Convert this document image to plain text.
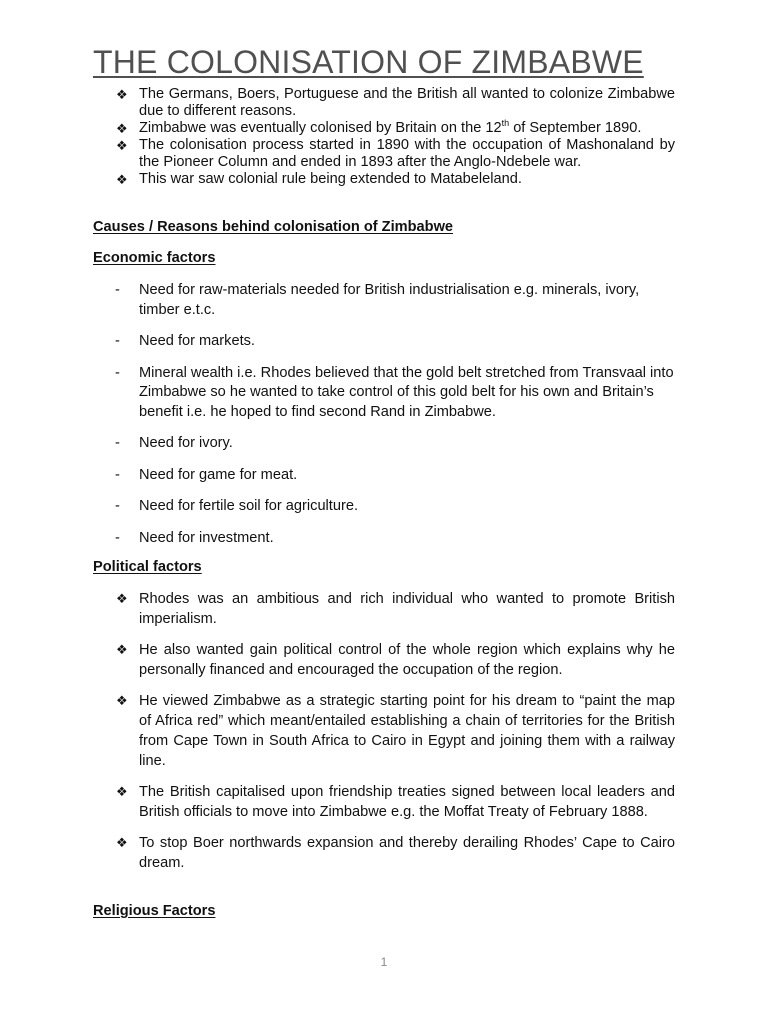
THE COLONISATION OF ZIMBABWE
❖ The Germans, Boers, Portuguese and the British all wanted to colonize Zimbabwe due to different reasons.
❖ Zimbabwe was eventually colonised by Britain on the 12th of September 1890.
❖ The colonisation process started in 1890 with the occupation of Mashonaland by the Pioneer Column and ended in 1893 after the Anglo-Ndebele war.
❖ This war saw colonial rule being extended to Matabeleland.

Causes / Reasons behind colonisation of Zimbabwe

Economic factors

- Need for raw-materials needed for British industrialisation e.g. minerals, ivory, timber e.t.c.
- Need for markets.
- Mineral wealth i.e. Rhodes believed that the gold belt stretched from Transvaal into Zimbabwe so he wanted to take control of this gold belt for his own and Britain’s benefit i.e. he hoped to find second Rand in Zimbabwe.
- Need for ivory.
- Need for game for meat.
- Need for fertile soil for agriculture.
- Need for investment.

Political factors

❖ Rhodes was an ambitious and rich individual who wanted to promote British imperialism.
❖ He also wanted gain political control of the whole region which explains why he personally financed and encouraged the occupation of the region.
❖ He viewed Zimbabwe as a strategic starting point for his dream to “paint the map of Africa red” which meant/entailed establishing a chain of territories for the British from Cape Town in South Africa to Cairo in Egypt and joining them with a railway line.
❖ The British capitalised upon friendship treaties signed between local leaders and British officials to move into Zimbabwe e.g. the Moffat Treaty of February 1888.
❖ To stop Boer northwards expansion and thereby derailing Rhodes’ Cape to Cairo dream.

Religious Factors

1
